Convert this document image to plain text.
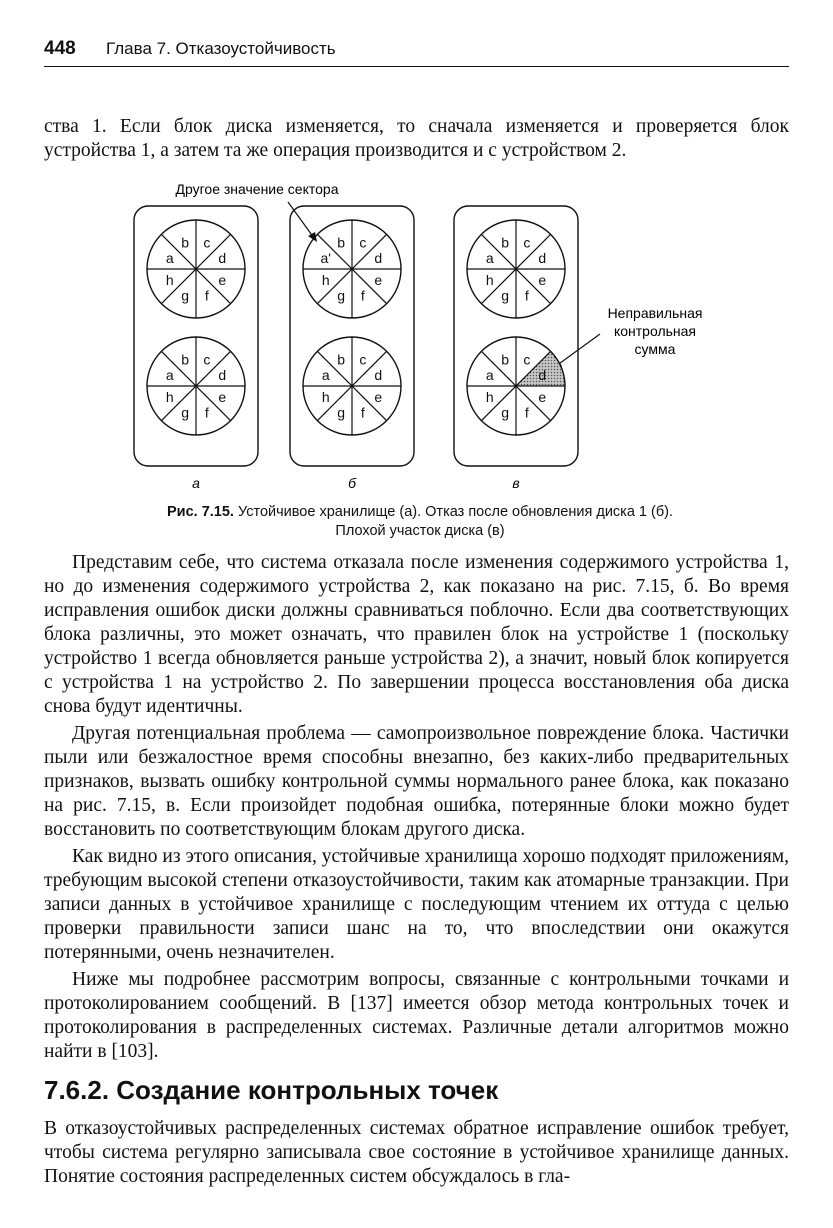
448 Глава 7. Отказоустойчивость

ства 1. Если блок диска изменяется, то сначала изменяется и проверяется блок устройства 1, а затем та же операция производится и с устройством 2.

Другое значение сектора
Неправильная
контрольная
сумма
b c
d
e
f
g
h
a
b c
d
e
f
g
h
a
b c
d
e
f
g
h
a'
b c
d
e
f
g
h
a
b c
d
e
f
g
h
a
b c
d
e
f
g
h
a
а	б	в
Рис. 7.15. Устойчивое хранилище (а). Отказ после обновления диска 1 (б).
Плохой участок диска (в)

Представим себе, что система отказала после изменения содержимого устройства 1, но до изменения содержимого устройства 2, как показано на рис. 7.15, б. Во время исправления ошибок диски должны сравниваться поблочно. Если два соответствующих блока различны, это может означать, что правилен блок на устройстве 1 (поскольку устройство 1 всегда обновляется раньше устройства 2), а значит, новый блок копируется с устройства 1 на устройство 2. По завершении процесса восстановления оба диска снова будут идентичны.

Другая потенциальная проблема — самопроизвольное повреждение блока. Частички пыли или безжалостное время способны внезапно, без каких-либо предварительных признаков, вызвать ошибку контрольной суммы нормального ранее блока, как показано на рис. 7.15, в. Если произойдет подобная ошибка, потерянные блоки можно будет восстановить по соответствующим блокам другого диска.

Как видно из этого описания, устойчивые хранилища хорошо подходят приложениям, требующим высокой степени отказоустойчивости, таким как атомарные транзакции. При записи данных в устойчивое хранилище с последующим чтением их оттуда с целью проверки правильности записи шанс на то, что впоследствии они окажутся потерянными, очень незначителен.

Ниже мы подробнее рассмотрим вопросы, связанные с контрольными точками и протоколированием сообщений. В [137] имеется обзор метода контрольных точек и протоколирования в распределенных системах. Различные детали алгоритмов можно найти в [103].

7.6.2. Создание контрольных точек

В отказоустойчивых распределенных системах обратное исправление ошибок требует, чтобы система регулярно записывала свое состояние в устойчивое хранилище данных. Понятие состояния распределенных систем обсуждалось в гла-
